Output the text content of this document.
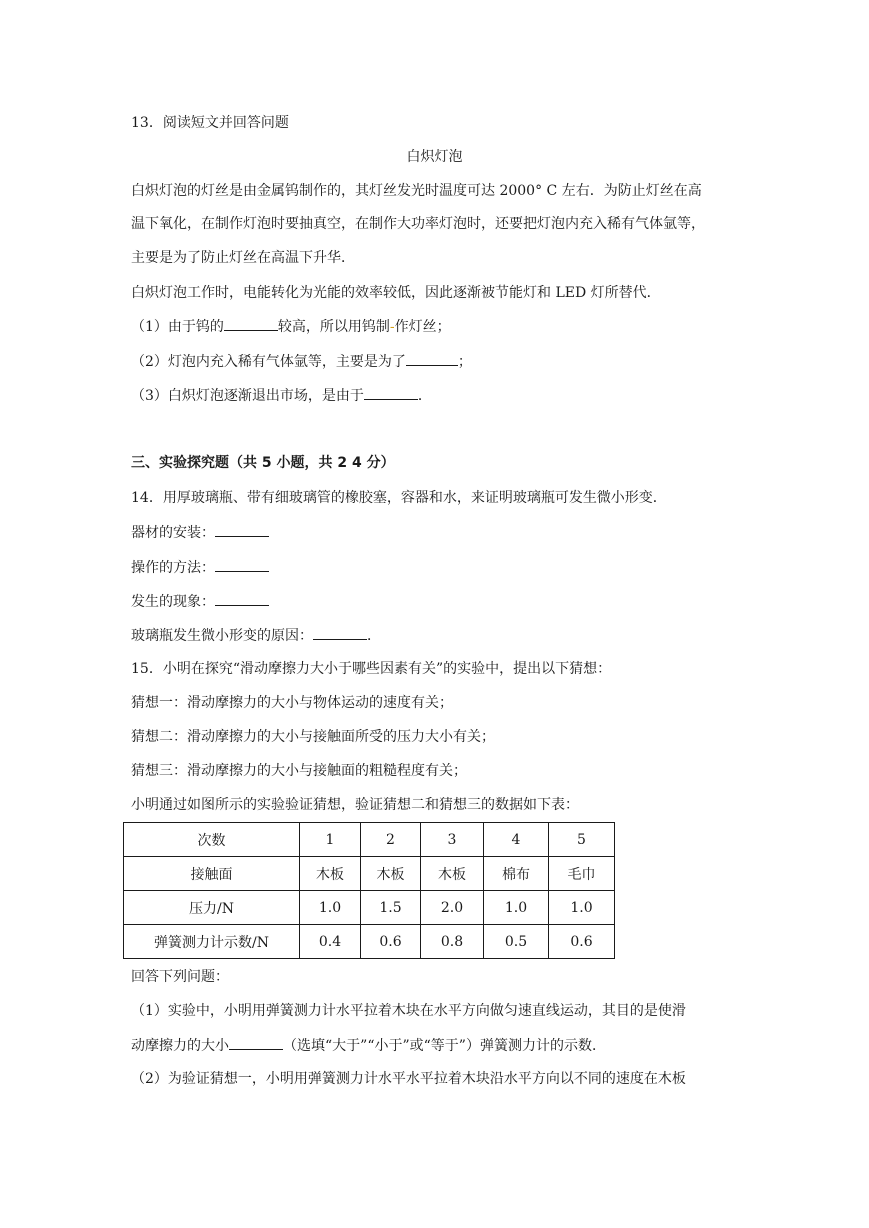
13．阅读短文并回答问题
白炽灯泡
白炽灯泡的灯丝是由金属钨制作的，其灯丝发光时温度可达 2000° C 左右．为防止灯丝在高
温下氧化，在制作灯泡时要抽真空，在制作大功率灯泡时，还要把灯泡内充入稀有气体氩等，
主要是为了防止灯丝在高温下升华．
白炽灯泡工作时，电能转化为光能的效率较低，因此逐渐被节能灯和 LED 灯所替代．
（1）由于钨的	较高，所以用钨制-作灯丝；
（2）灯泡内充入稀有气体氩等，主要是为了	；
（3）白炽灯泡逐渐退出市场，是由于	．
三、实验探究题（共 5 小题，共 2 4 分）
14．用厚玻璃瓶、带有细玻璃管的橡胶塞，容器和水，来证明玻璃瓶可发生微小形变．
器材的安装：
操作的方法：
发生的现象：
玻璃瓶发生微小形变的原因：	．
15．小明在探究“滑动摩擦力大小于哪些因素有关”的实验中，提出以下猜想：
猜想一：滑动摩擦力的大小与物体运动的速度有关；
猜想二：滑动摩擦力的大小与接触面所受的压力大小有关；
猜想三：滑动摩擦力的大小与接触面的粗糙程度有关；
小明通过如图所示的实验验证猜想，验证猜想二和猜想三的数据如下表：
次数	1	2	3	4	5
接触面	木板	木板	木板	棉布	毛巾
压力/N	1.0	1.5	2.0	1.0	1.0
弹簧测力计示数/N	0.4	0.6	0.8	0.5	0.6
回答下列问题：
（1）实验中，小明用弹簧测力计水平拉着木块在水平方向做匀速直线运动，其目的是使滑
动摩擦力的大小	（选填“大于”“小于”或“等于”）弹簧测力计的示数．
（2）为验证猜想一，小明用弹簧测力计水平水平拉着木块沿水平方向以不同的速度在木板
